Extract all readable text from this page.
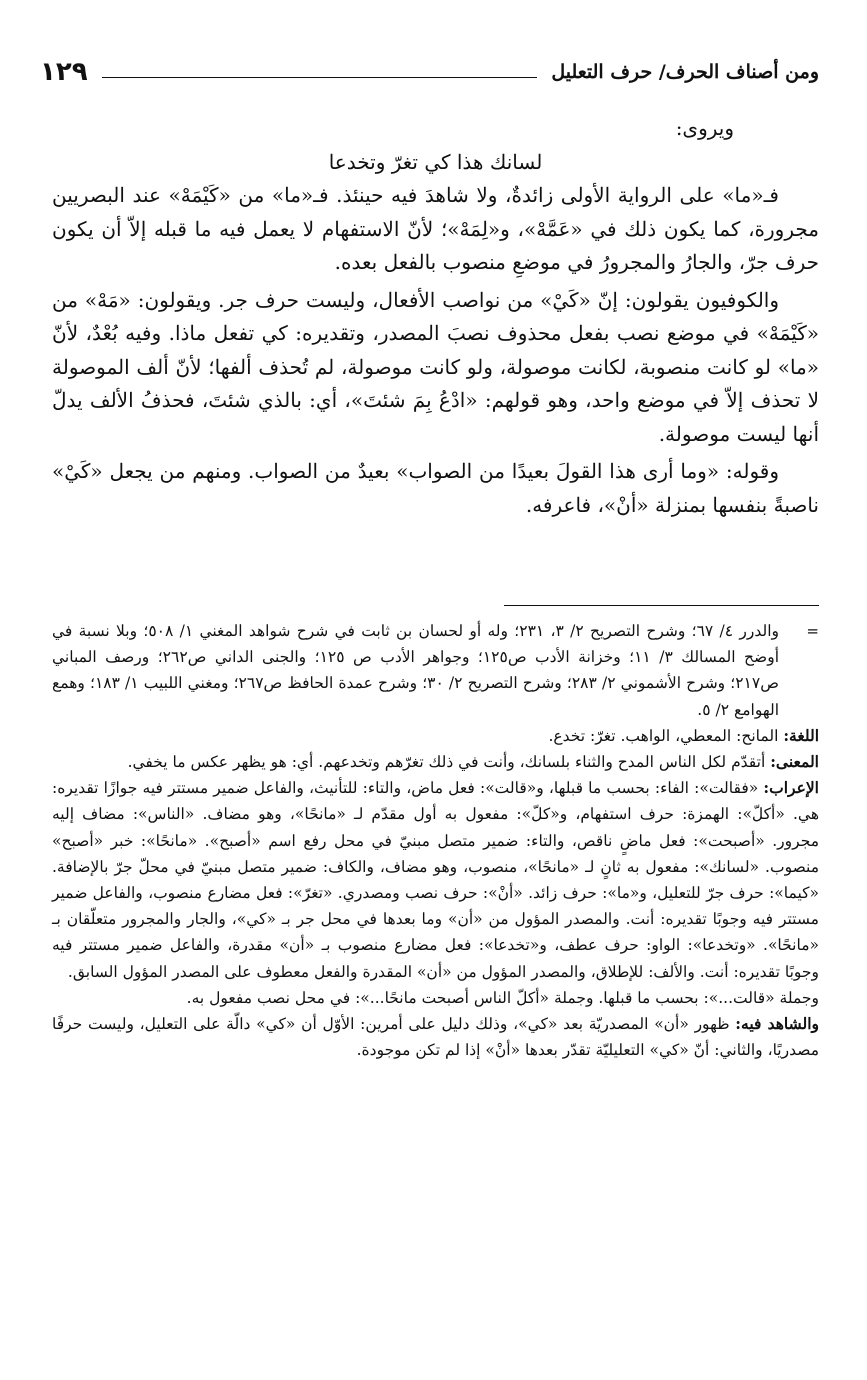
ومن أصناف الحرف/ حرف التعليل
١٢٩

ويروى:

لسانك هذا كي تغرّ وتخدعا

فـ«ما» على الرواية الأولى زائدةٌ، ولا شاهدَ فيه حينئذ. فـ«ما» من «كَيْمَهْ» عند البصريين مجرورة، كما يكون ذلك في «عَمَّهْ»، و«لِمَهْ»؛ لأنّ الاستفهام لا يعمل فيه ما قبله إلاّ أن يكون حرف جرّ، والجارُ والمجرورُ في موضعِ منصوب بالفعل بعده.

والكوفيون يقولون: إنّ «كَيْ» من نواصب الأفعال، وليست حرف جر. ويقولون: «مَهْ» من «كَيْمَهْ» في موضع نصب بفعل محذوف نصبَ المصدر، وتقديره: كي تفعل ماذا. وفيه بُعْدٌ، لأنّ «ما» لو كانت منصوبة، لكانت موصولة، ولو كانت موصولة، لم تُحذف ألفها؛ لأنّ ألف الموصولة لا تحذف إلاّ في موضع واحد، وهو قولهم: «ادْعُ بِمَ شئتَ»، أي: بالذي شئتَ، فحذفُ الألف يدلّ أنها ليست موصولة.

وقوله: «وما أرى هذا القولَ بعيدًا من الصواب» بعيدٌ من الصواب. ومنهم من يجعل «كَيْ» ناصبةً بنفسها بمنزلة «أنْ»، فاعرفه.

=
والدرر ٤/ ٦٧؛ وشرح التصريح ٢/ ٣، ٢٣١؛ وله أو لحسان بن ثابت في شرح شواهد المغني ١/ ٥٠٨؛ وبلا نسبة في أوضح المسالك ٣/ ١١؛ وخزانة الأدب ص١٢٥؛ وجواهر الأدب ص ١٢٥؛ والجنى الداني ص٢٦٢؛ ورصف المباني ص٢١٧؛ وشرح الأشموني ٢/ ٢٨٣؛ وشرح التصريح ٢/ ٣٠؛ وشرح عمدة الحافظ ص٢٦٧؛ ومغني اللبيب ١/ ١٨٣؛ وهمع الهوامع ٢/ ٥.

اللغة: المانح: المعطي، الواهب. تغرّ: تخدع.

المعنى: أتقدّم لكل الناس المدح والثناء بلسانك، وأنت في ذلك تغرّهم وتخدعهم. أي: هو يظهر عكس ما يخفي.

الإعراب: «فقالت»: الفاء: بحسب ما قبلها، و«قالت»: فعل ماض، والتاء: للتأنيث، والفاعل ضمير مستتر فيه جوازًا تقديره: هي. «أكلّ»: الهمزة: حرف استفهام، و«كلّ»: مفعول به أول مقدّم لـ «مانحًا»، وهو مضاف. «الناس»: مضاف إليه مجرور. «أصبحت»: فعل ماضٍ ناقص، والتاء: ضمير متصل مبنيّ في محل رفع اسم «أصبح». «مانحًا»: خبر «أصبح» منصوب. «لسانك»: مفعول به ثانٍ لـ «مانحًا»، منصوب، وهو مضاف، والكاف: ضمير متصل مبنيّ في محلّ جرّ بالإضافة. «كيما»: حرف جرّ للتعليل، و«ما»: حرف زائد. «أنْ»: حرف نصب ومصدري. «تغرّ»: فعل مضارع منصوب، والفاعل ضمير مستتر فيه وجوبًا تقديره: أنت. والمصدر المؤول من «أن» وما بعدها في محل جر بـ «كي»، والجار والمجرور متعلّقان بـ «مانحًا». «وتخدعا»: الواو: حرف عطف، و«تخدعا»: فعل مضارع منصوب بـ «أن» مقدرة، والفاعل ضمير مستتر فيه وجوبًا تقديره: أنت. والألف: للإطلاق، والمصدر المؤول من «أن» المقدرة والفعل معطوف على المصدر المؤول السابق.

وجملة «قالت...»: بحسب ما قبلها. وجملة «أكلّ الناس أصبحت مانحًا...»: في محل نصب مفعول به.

والشاهد فيه: ظهور «أن» المصدريّة بعد «كي»، وذلك دليل على أمرين: الأوّل أن «كي» دالّة على التعليل، وليست حرفًا مصدريًا، والثاني: أنّ «كي» التعليليّة تقدّر بعدها «أنْ» إذا لم تكن موجودة.
